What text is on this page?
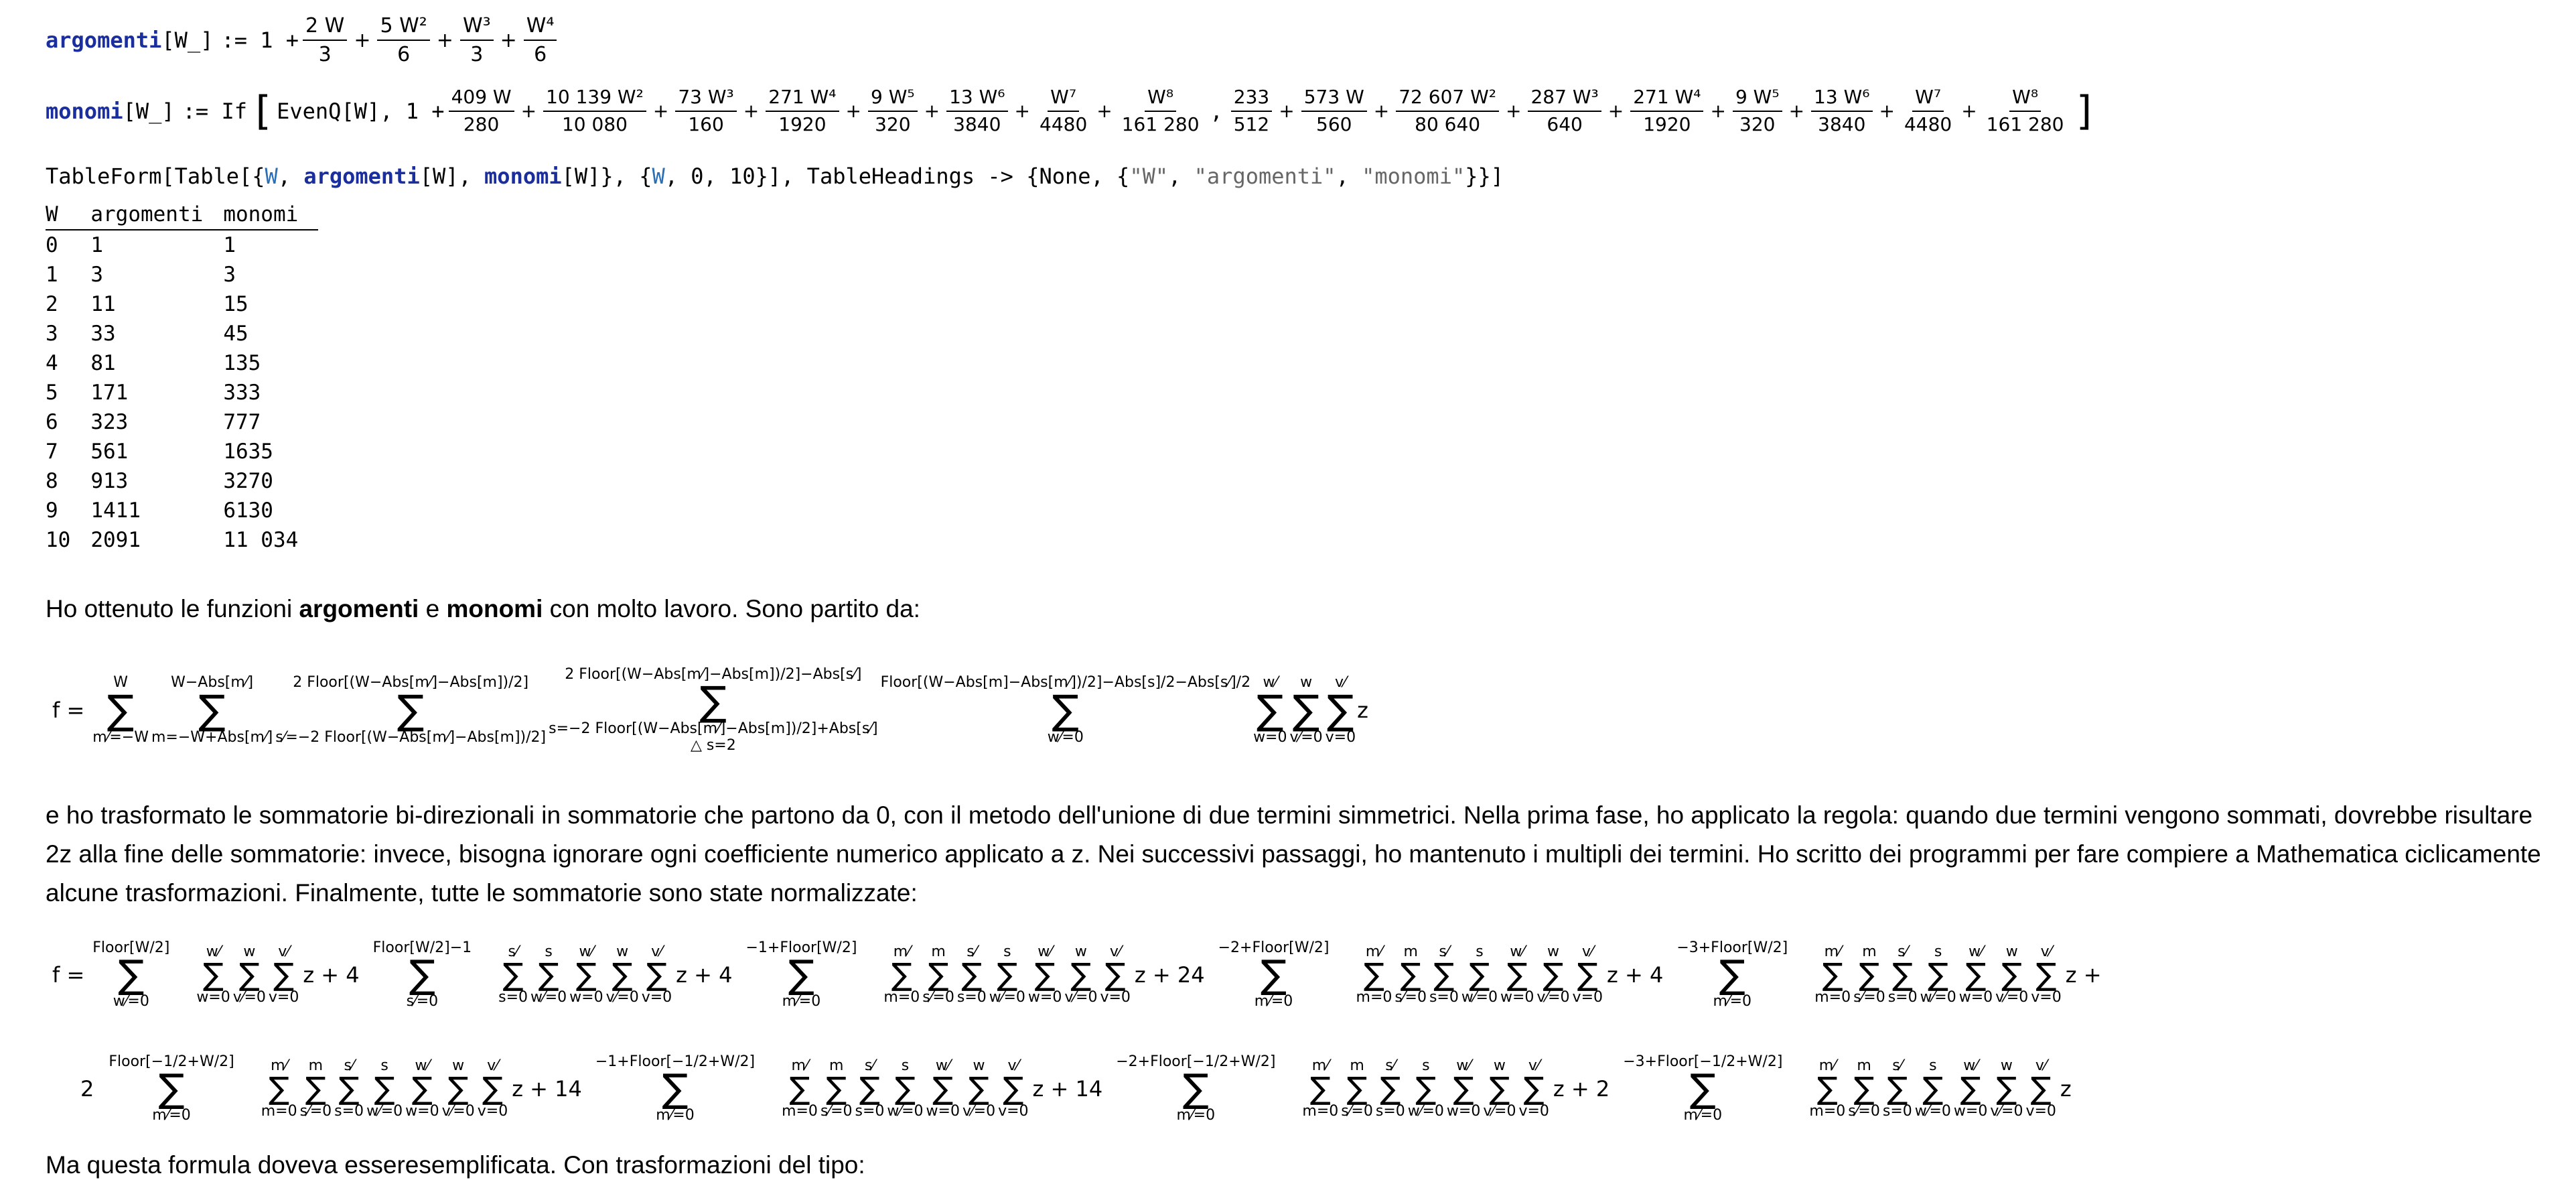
argomenti [W_] := $1 + \frac{2 W}{3} + \frac{\text{5 W²}}{6} + \frac{\text{W³}}{3} + \frac{\text{W⁴}}{6}$
monomi [W_] := If [ EvenQ[W], $1 + \frac{409 W}{280} + \frac{\text{10 139 W²}}{10 080} + \frac{\text{73 W³}}{160} + \frac{\text{271 W⁴}}{1920} + \frac{\text{9 W⁵}}{320} + \frac{\text{13 W⁶}}{3840} + \frac{\text{W⁷}}{4480} + \frac{\text{W⁸}}{161 280}$ , $\frac{233}{512} + \frac{573 W}{560} + \frac{\text{72 607 W²}}{80 640} + \frac{\text{287 W³}}{640} + \frac{\text{271 W⁴}}{1920} + \frac{\text{9 W⁵}}{320} + \frac{\text{13 W⁶}}{3840} + \frac{\text{W⁷}}{4480} + \frac{\text{W⁸}}{161 280}$ ]
TableForm[Table[{W, argomenti[W], monomi[W]}, {W, 0, 10}], TableHeadings -> {None, {"W", "argomenti", "monomi"}}]
W	argomenti	monomi
0	1	1
1	3	3
2	11	15
3	33	45
4	81	135
5	171	333
6	323	777
7	561	1635
8	913	3270
9	1411	6130
10	2091	11 034
Ho ottenuto le funzioni argomenti e monomi con molto lavoro. Sono partito da:
f =
W
∑
m⁄=−W
W−Abs[m⁄]
∑
m=−W+Abs[m⁄]
2 Floor[(W−Abs[m⁄]−Abs[m])/2]
∑
s⁄=−2 Floor[(W−Abs[m⁄]−Abs[m])/2]
2 Floor[(W−Abs[m⁄]−Abs[m])/2]−Abs[s⁄]
∑
s=−2 Floor[(W−Abs[m⁄]−Abs[m])/2]+Abs[s⁄]
△ s=2
Floor[(W−Abs[m]−Abs[m⁄])/2]−Abs[s]/2−Abs[s⁄]/2
∑
w⁄=0
w⁄
∑
w=0
w
∑
v⁄=0
v⁄
∑
v=0
z
e ho trasformato le sommatorie bi-direzionali in sommatorie che partono da 0, con il metodo dell'unione di due termini simmetrici. Nella prima fase, ho applicato la regola: quando due termini vengono sommati, dovrebbe risultare 2z alla fine delle sommatorie: invece, bisogna ignorare ogni coefficiente numerico applicato a z. Nei successivi passaggi, ho mantenuto i multipli dei termini. Ho scritto dei programmi per fare compiere a Mathematica ciclicamente alcune trasformazioni. Finalmente, tutte le sommatorie sono state normalizzate:
f =
Floor[W/2]
∑
w⁄=0
w⁄
∑
w=0
w
∑
v⁄=0
v⁄
∑
v=0
z + 4
Floor[W/2]−1
∑
s⁄=0
s⁄
∑
s=0
s
∑
w⁄=0
w⁄
∑
w=0
w
∑
v⁄=0
v⁄
∑
v=0
z + 4
−1+Floor[W/2]
∑
m⁄=0
m⁄
∑
m=0
m
∑
s⁄=0
s⁄
∑
s=0
s
∑
w⁄=0
w⁄
∑
w=0
w
∑
v⁄=0
v⁄
∑
v=0
z + 24
−2+Floor[W/2]
∑
m⁄=0
m⁄
∑
m=0
m
∑
s⁄=0
s⁄
∑
s=0
s
∑
w⁄=0
w⁄
∑
w=0
w
∑
v⁄=0
v⁄
∑
v=0
z + 4
−3+Floor[W/2]
∑
m⁄=0
m⁄
∑
m=0
m
∑
s⁄=0
s⁄
∑
s=0
s
∑
w⁄=0
w⁄
∑
w=0
w
∑
v⁄=0
v⁄
∑
v=0
z +
2
Floor[−1/2+W/2]
∑
m⁄=0
m⁄
∑
m=0
m
∑
s⁄=0
s⁄
∑
s=0
s
∑
w⁄=0
w⁄
∑
w=0
w
∑
v⁄=0
v⁄
∑
v=0
z + 14
−1+Floor[−1/2+W/2]
∑
m⁄=0
m⁄
∑
m=0
m
∑
s⁄=0
s⁄
∑
s=0
s
∑
w⁄=0
w⁄
∑
w=0
w
∑
v⁄=0
v⁄
∑
v=0
z + 14
−2+Floor[−1/2+W/2]
∑
m⁄=0
m⁄
∑
m=0
m
∑
s⁄=0
s⁄
∑
s=0
s
∑
w⁄=0
w⁄
∑
w=0
w
∑
v⁄=0
v⁄
∑
v=0
z + 2
−3+Floor[−1/2+W/2]
∑
m⁄=0
m⁄
∑
m=0
m
∑
s⁄=0
s⁄
∑
s=0
s
∑
w⁄=0
w⁄
∑
w=0
w
∑
v⁄=0
v⁄
∑
v=0
z
Ma questa formula doveva esseresemplificata. Con trasformazioni del tipo:
